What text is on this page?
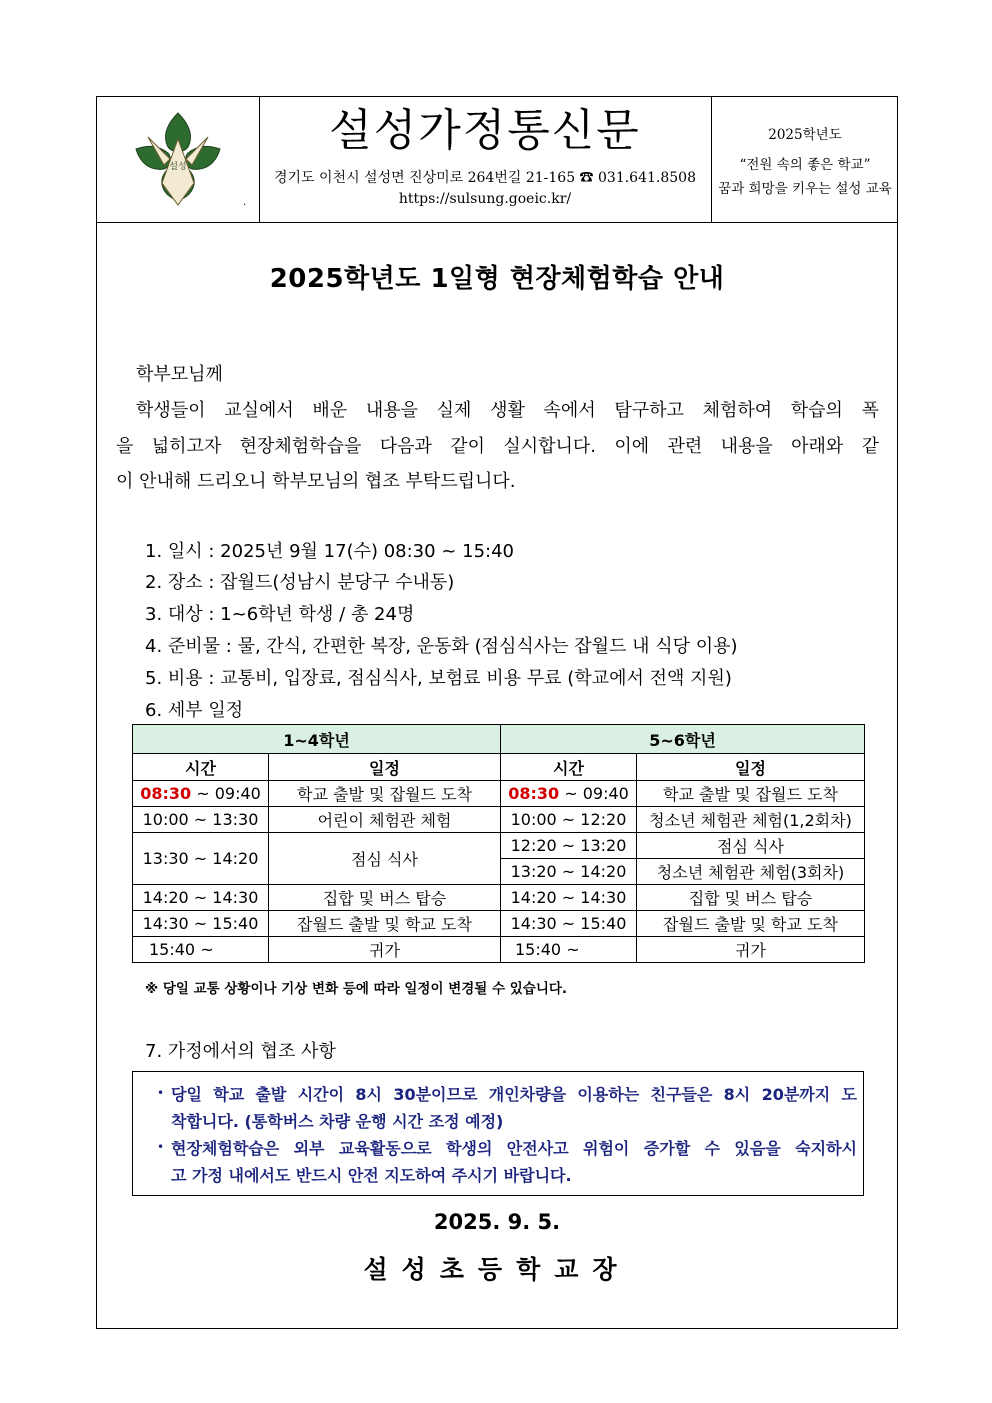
설성
.
설성가정통신문
경기도 이천시 설성면 진상미로 264번길 21-165 ☎ 031.641.8508
https://sulsung.goeic.kr/
2025학년도
“전원 속의 좋은 학교”
꿈과 희망을 키우는 설성 교육
2025학년도 1일형 현장체험학습 안내
학부모님께
학생들이 교실에서 배운 내용을 실제 생활 속에서 탐구하고 체험하여 학습의 폭
을 넓히고자 현장체험학습을 다음과 같이 실시합니다. 이에 관련 내용을 아래와 같
이 안내해 드리오니 학부모님의 협조 부탁드립니다.
1. 일시 : 2025년 9월 17(수) 08:30 ~ 15:40
2. 장소 : 잡월드(성남시 분당구 수내동)
3. 대상 : 1~6학년 학생 / 총 24명
4. 준비물 : 물, 간식, 간편한 복장, 운동화 (점심식사는 잡월드 내 식당 이용)
5. 비용 : 교통비, 입장료, 점심식사, 보험료 비용 무료 (학교에서 전액 지원)
6. 세부 일정
1~4학년		5~6학년	
시간	일정	시간	일정
08:30 ~ 09:40	학교 출발 및 잡월드 도착	08:30 ~ 09:40	학교 출발 및 잡월드 도착
10:00 ~ 13:30	어린이 체험관 체험	10:00 ~ 12:20	청소년 체험관 체험(1,2회차)
		12:20 ~ 13:20	점심 식사
13:30 ~ 14:20	점심 식사		
		13:20 ~ 14:20	청소년 체험관 체험(3회차)
14:20 ~ 14:30	집합 및 버스 탑승	14:20 ~ 14:30	집합 및 버스 탑승
14:30 ~ 15:40	잡월드 출발 및 학교 도착	14:30 ~ 15:40	잡월드 출발 및 학교 도착
15:40 ~	귀가	15:40 ~	귀가
※ 당일 교통 상황이나 기상 변화 등에 따라 일정이 변경될 수 있습니다.
7. 가정에서의 협조 사항
• 당일 학교 출발 시간이 8시 30분이므로 개인차량을 이용하는 친구들은 8시 20분까지 도
착합니다. (통학버스 차량 운행 시간 조정 예정)
• 현장체험학습은 외부 교육활동으로 학생의 안전사고 위험이 증가할 수 있음을 숙지하시
고 가정 내에서도 반드시 안전 지도하여 주시기 바랍니다.
2025. 9. 5.
설성초등학교장
